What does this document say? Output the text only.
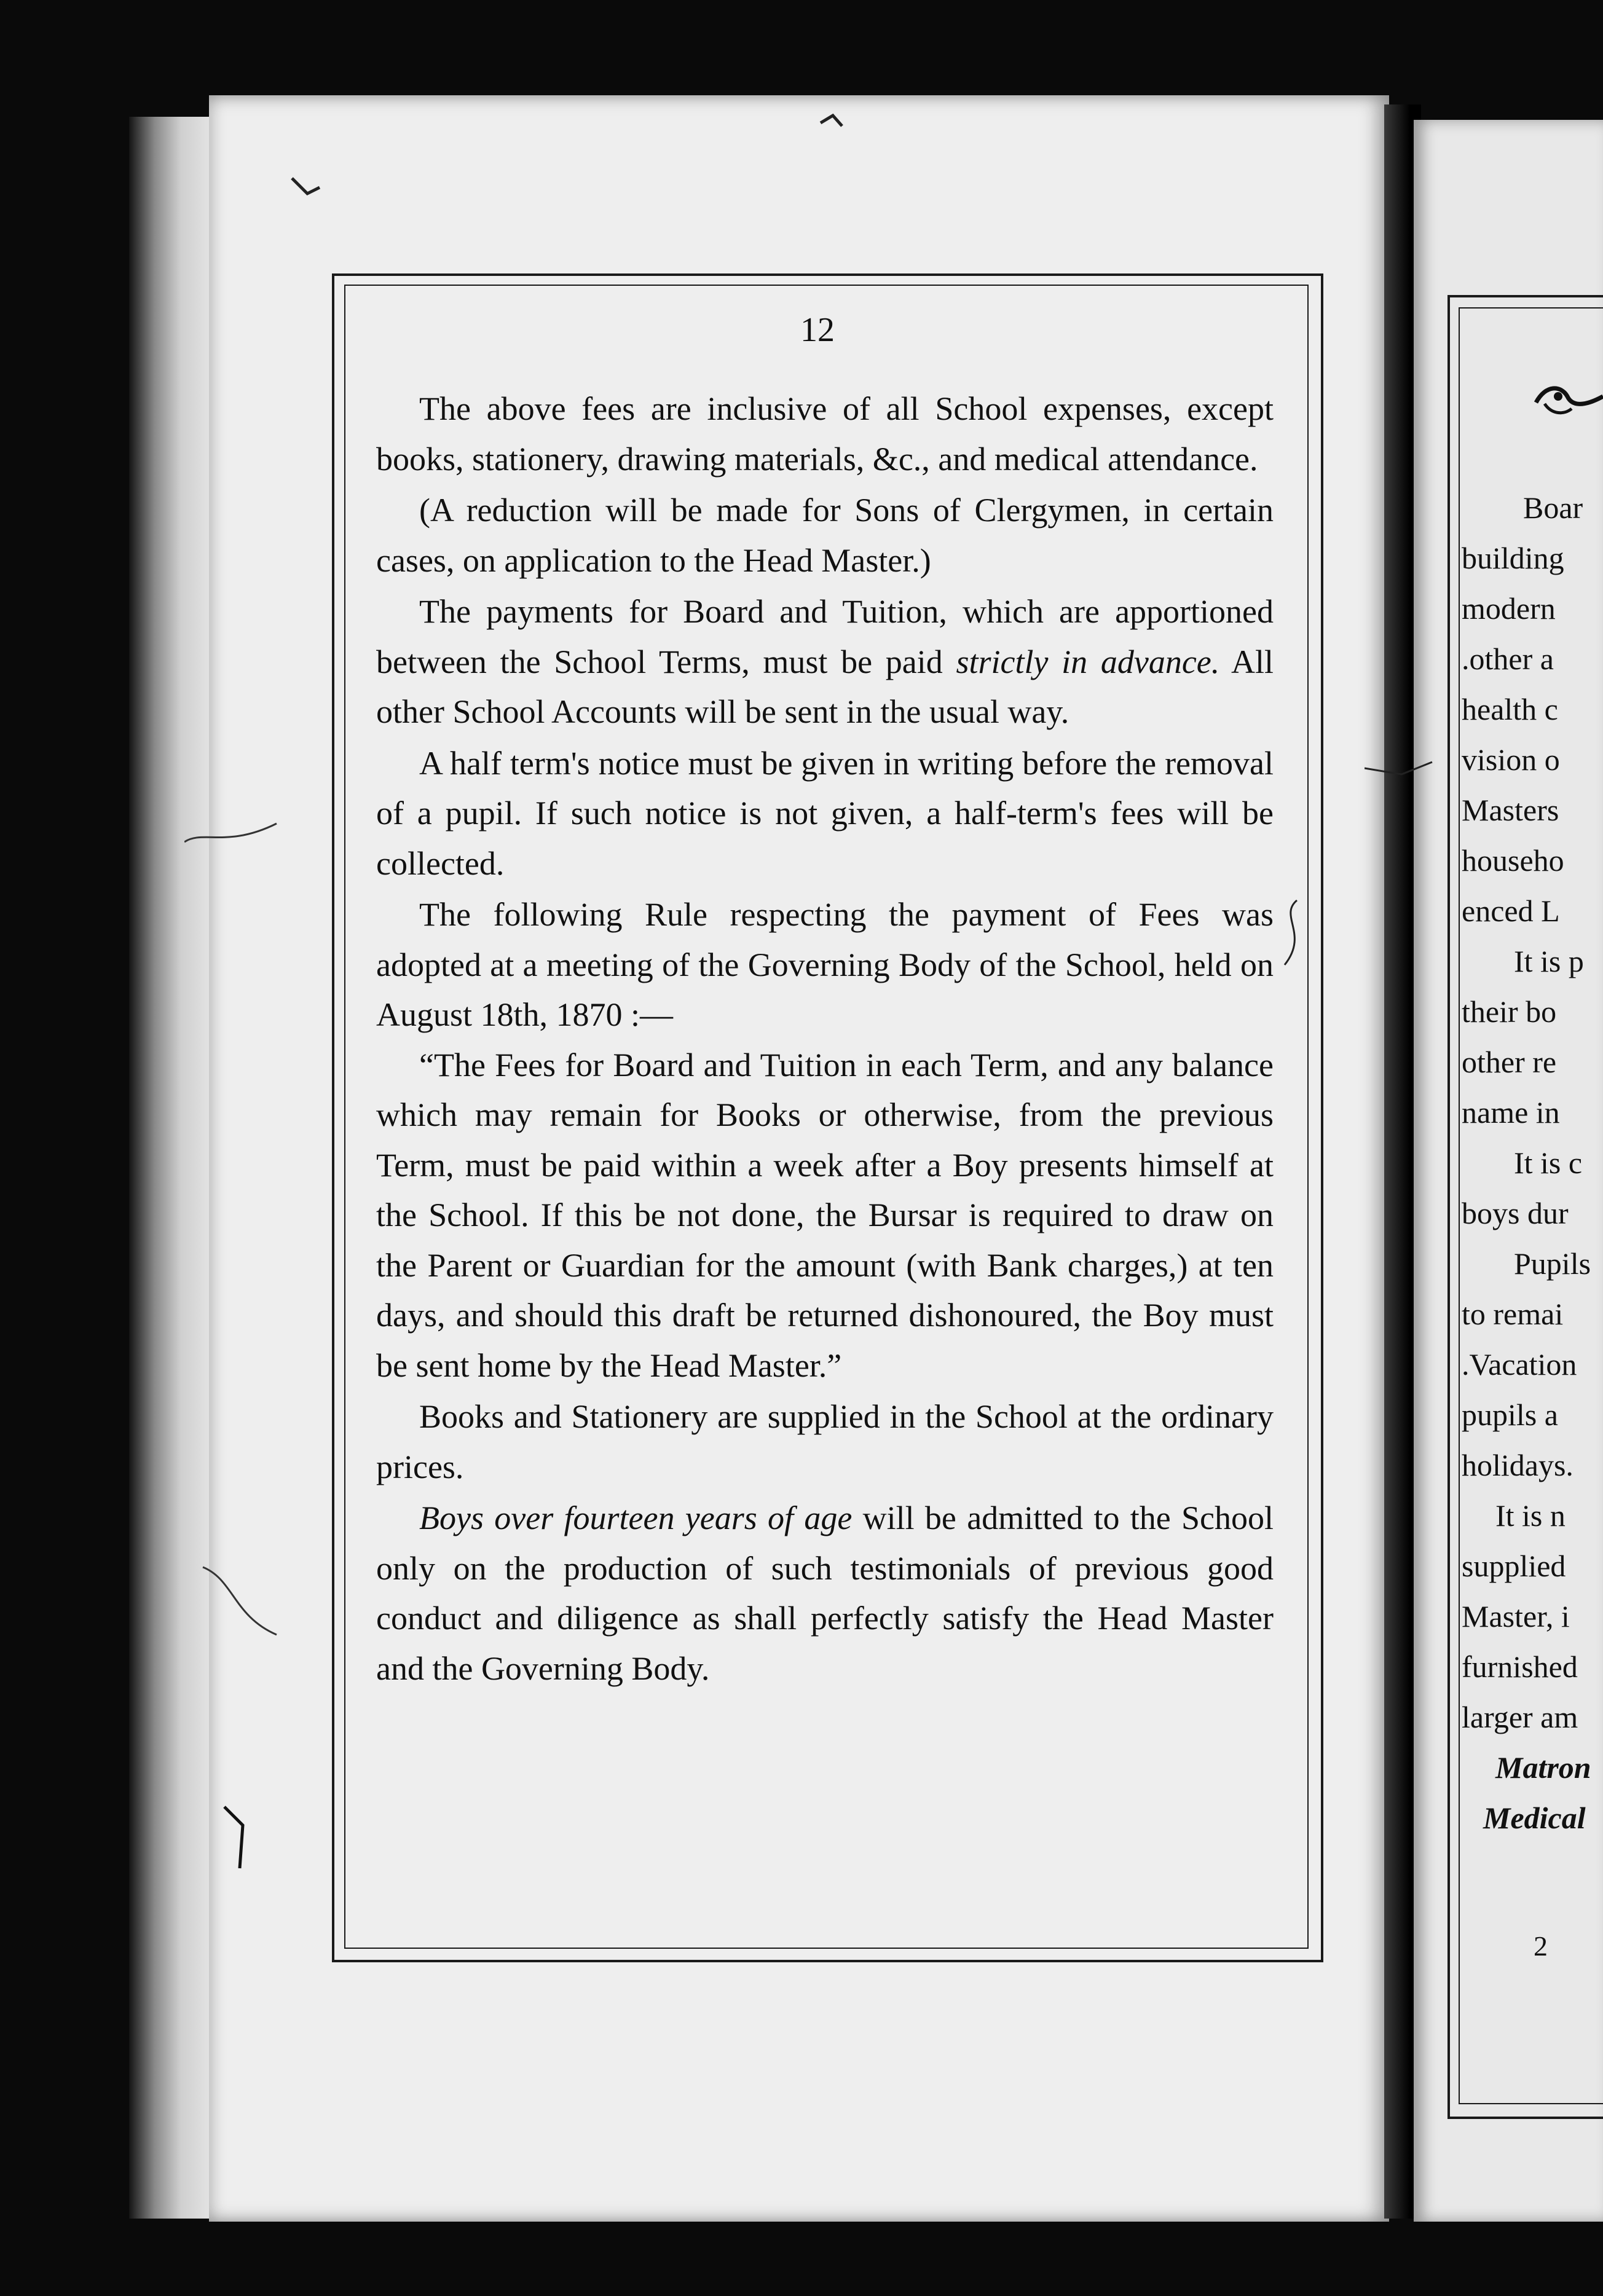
12

The above fees are inclusive of all School expenses, except books, stationery, drawing materials, &c., and medical attendance.

(A reduction will be made for Sons of Clergymen, in certain cases, on application to the Head Master.)

The payments for Board and Tuition, which are apportioned between the School Terms, must be paid strictly in advance. All other School Accounts will be sent in the usual way.

A half term's notice must be given in writing before the removal of a pupil. If such notice is not given, a half-term's fees will be collected.

The following Rule respecting the payment of Fees was adopted at a meeting of the Governing Body of the School, held on August 18th, 1870 :—

“The Fees for Board and Tuition in each Term, and any balance which may remain for Books or otherwise, from the previous Term, must be paid within a week after a Boy presents himself at the School. If this be not done, the Bursar is required to draw on the Parent or Guardian for the amount (with Bank charges,) at ten days, and should this draft be returned dishonoured, the Boy must be sent home by the Head Master.”

Books and Stationery are supplied in the School at the ordinary prices.

Boys over fourteen years of age will be admitted to the School only on the production of such testimonials of previous good conduct and diligence as shall perfectly satisfy the Head Master and the Governing Body.

Boar
building
modern
.other a
health c
vision o
Masters
househo
enced L
It is p
their bo
other re
name in
It is c
boys dur
Pupils
to remai
.Vacation
pupils a
holidays.
It is n
supplied
Master, i
furnished
larger am
Matron
Medical
2
